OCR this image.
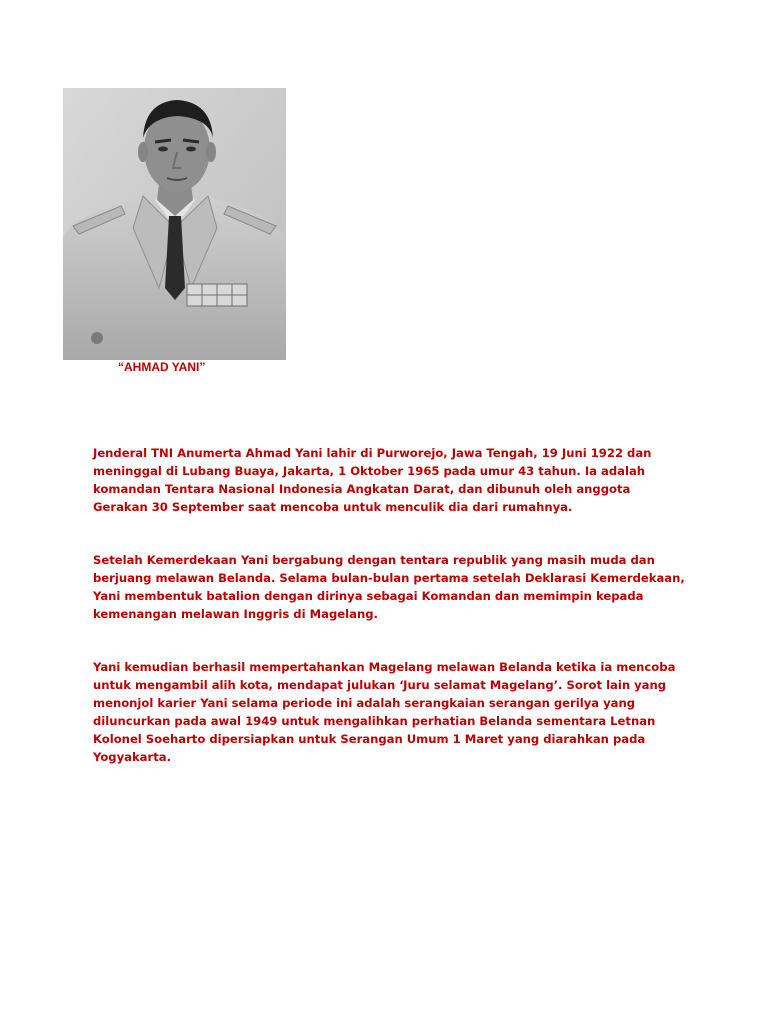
“AHMAD YANI”

Jenderal TNI Anumerta Ahmad Yani lahir di Purworejo, Jawa Tengah, 19 Juni 1922 dan meninggal di Lubang Buaya, Jakarta, 1 Oktober 1965 pada umur 43 tahun. Ia adalah komandan Tentara Nasional Indonesia Angkatan Darat, dan dibunuh oleh anggota Gerakan 30 September saat mencoba untuk menculik dia dari rumahnya.

Setelah Kemerdekaan Yani bergabung dengan tentara republik yang masih muda dan berjuang melawan Belanda. Selama bulan-bulan pertama setelah Deklarasi Kemerdekaan, Yani membentuk batalion dengan dirinya sebagai Komandan dan memimpin kepada kemenangan melawan Inggris di Magelang.

Yani kemudian berhasil mempertahankan Magelang melawan Belanda ketika ia mencoba untuk mengambil alih kota, mendapat julukan ‘Juru selamat Magelang’. Sorot lain yang menonjol karier Yani selama periode ini adalah serangkaian serangan gerilya yang diluncurkan pada awal 1949 untuk mengalihkan perhatian Belanda sementara Letnan Kolonel Soeharto dipersiapkan untuk Serangan Umum 1 Maret yang diarahkan pada Yogyakarta.
